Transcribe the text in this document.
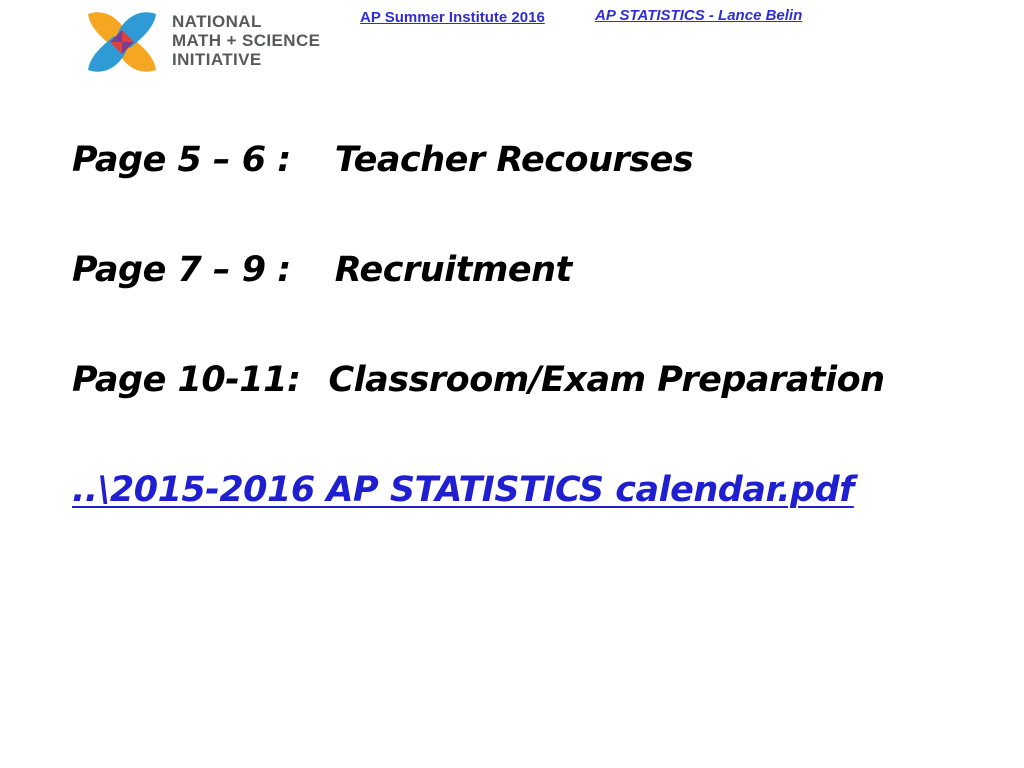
NATIONAL
MATH + SCIENCE
INITIATIVE
AP Summer Institute 2016	AP STATISTICS - Lance Belin
Page 5 – 6 : Teacher Recourses
Page 7 – 9 : Recruitment
Page 10-11: Classroom/Exam Preparation
..\2015-2016 AP STATISTICS calendar.pdf
